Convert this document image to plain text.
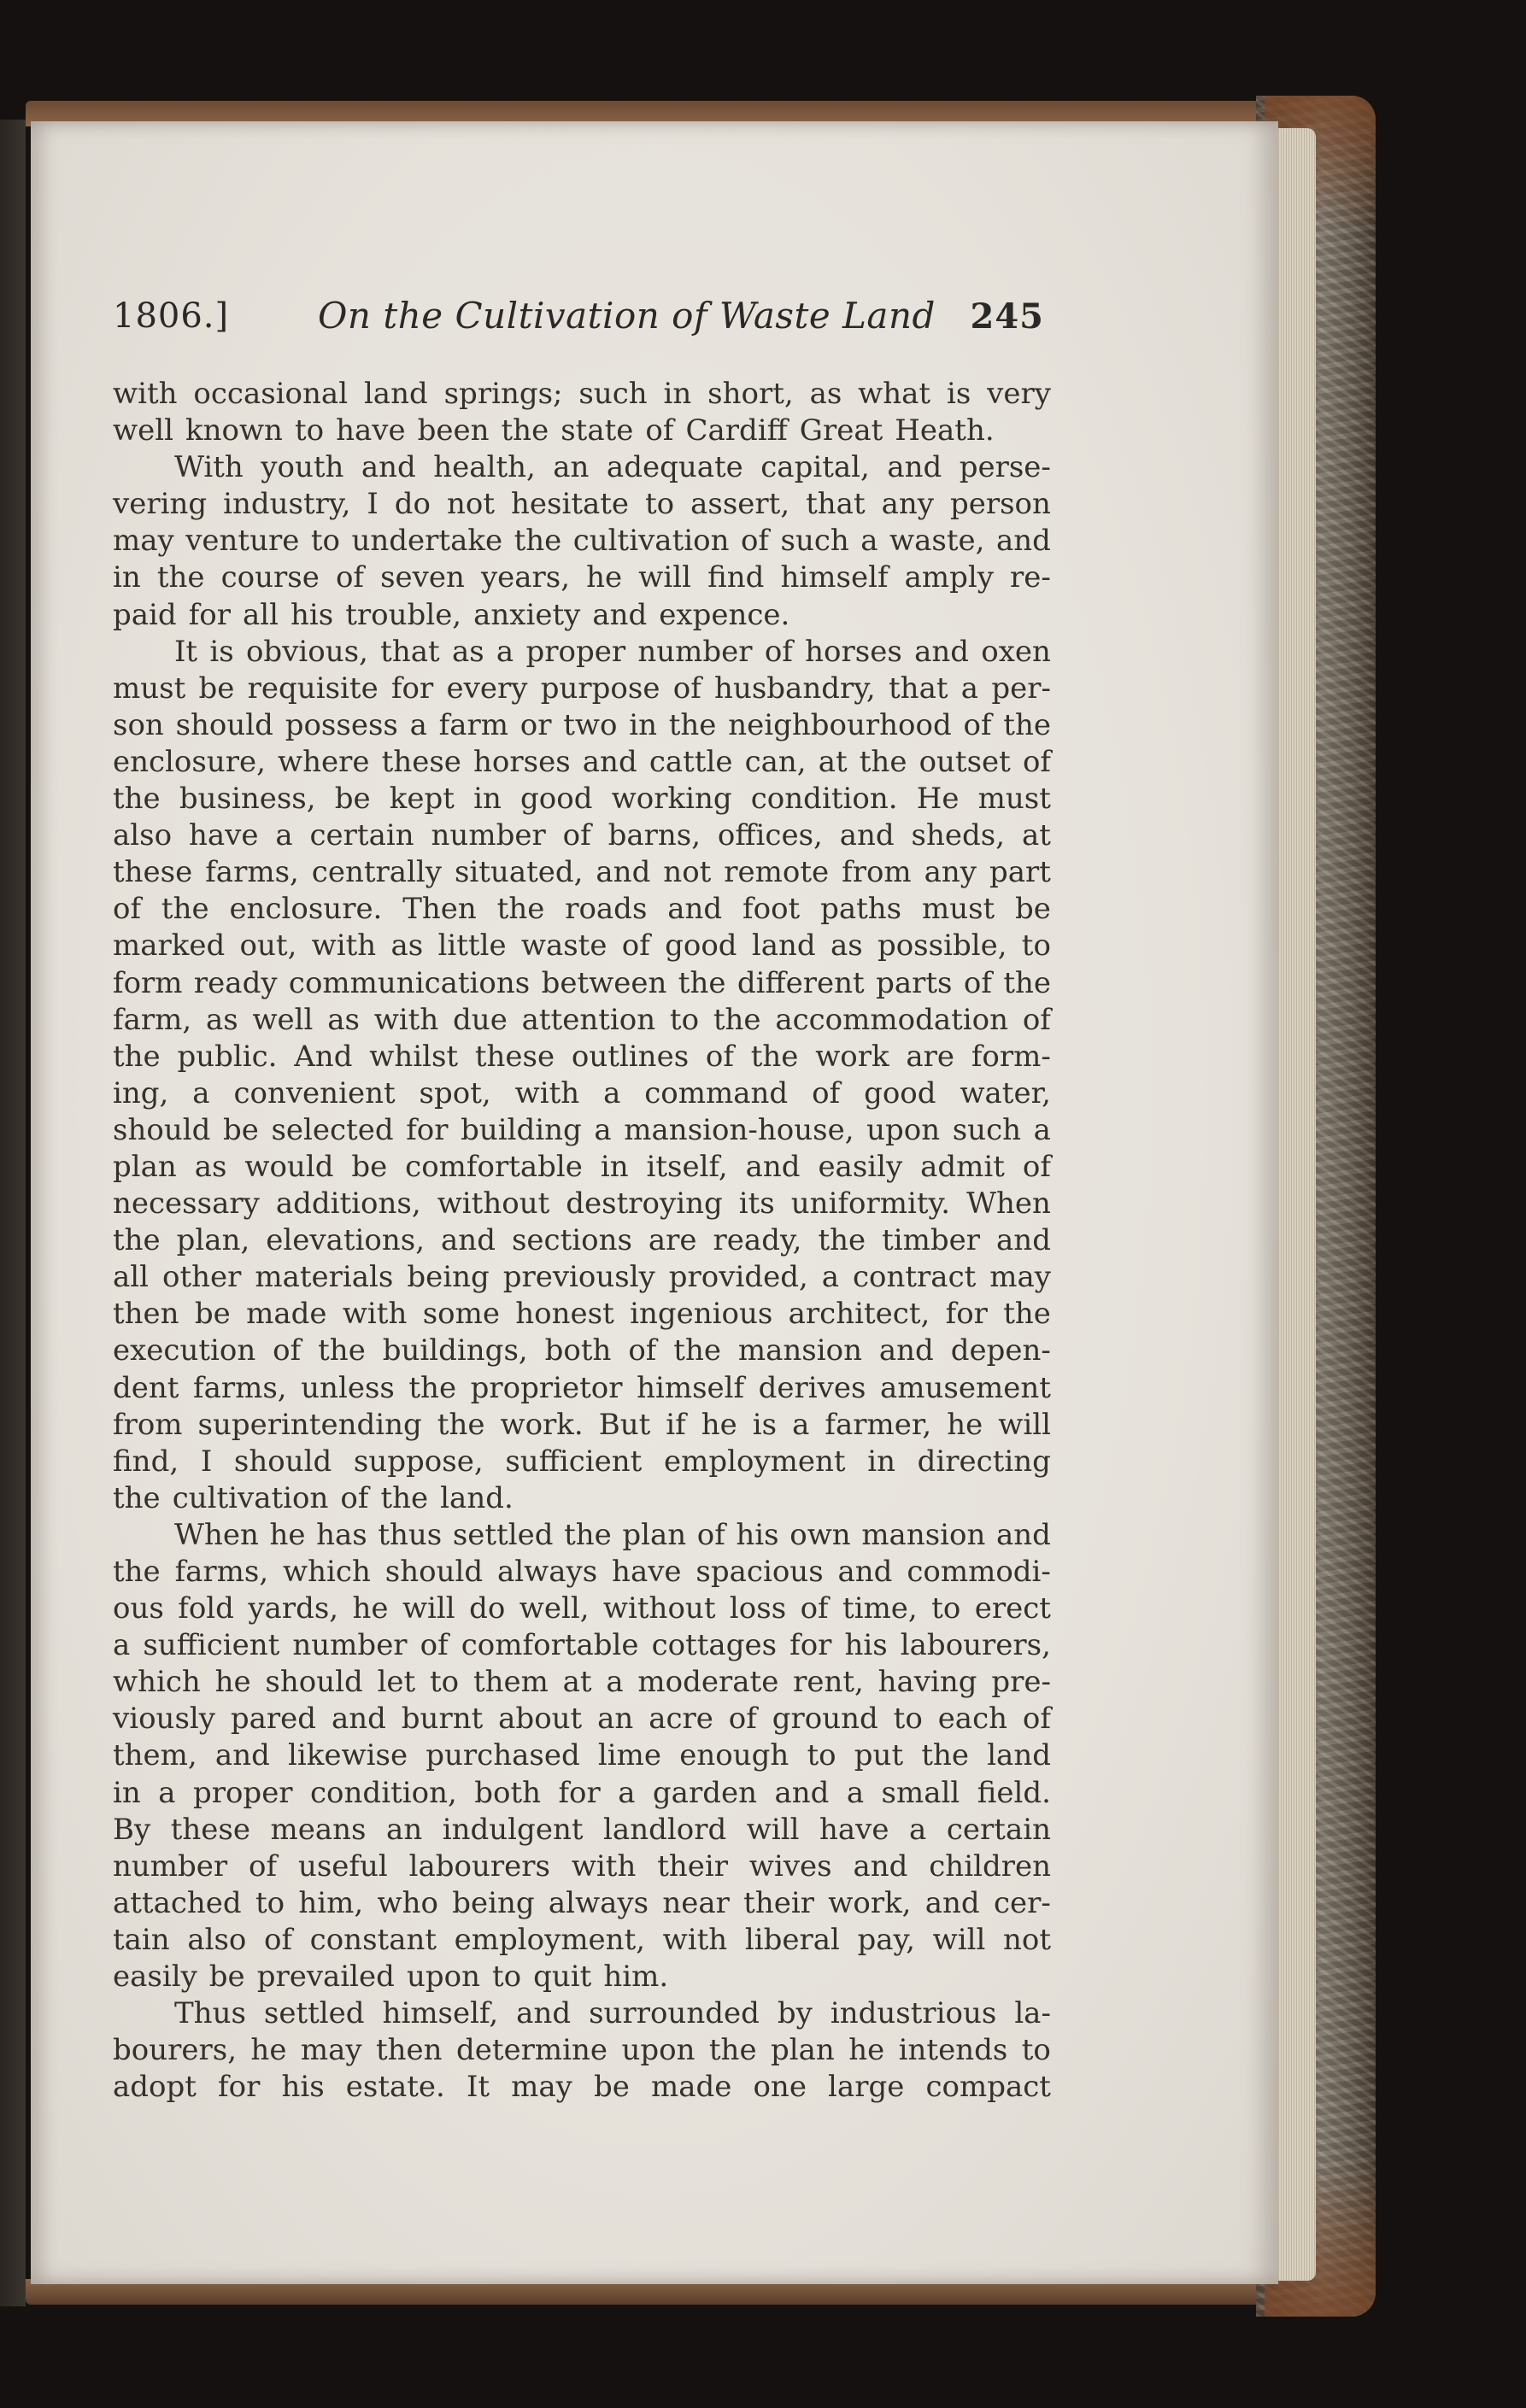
1806.] On the Cultivation of Waste Land 245
with occasional land springs; such in short, as what is very
well known to have been the state of Cardiff Great Heath.
With youth and health, an adequate capital, and perse-
vering industry, I do not hesitate to assert, that any person
may venture to undertake the cultivation of such a waste, and
in the course of seven years, he will find himself amply re-
paid for all his trouble, anxiety and expence.
It is obvious, that as a proper number of horses and oxen
must be requisite for every purpose of husbandry, that a per-
son should possess a farm or two in the neighbourhood of the
enclosure, where these horses and cattle can, at the outset of
the business, be kept in good working condition. He must
also have a certain number of barns, offices, and sheds, at
these farms, centrally situated, and not remote from any part
of the enclosure. Then the roads and foot paths must be
marked out, with as little waste of good land as possible, to
form ready communications between the different parts of the
farm, as well as with due attention to the accommodation of
the public. And whilst these outlines of the work are form-
ing, a convenient spot, with a command of good water,
should be selected for building a mansion-house, upon such a
plan as would be comfortable in itself, and easily admit of
necessary additions, without destroying its uniformity. When
the plan, elevations, and sections are ready, the timber and
all other materials being previously provided, a contract may
then be made with some honest ingenious architect, for the
execution of the buildings, both of the mansion and depen-
dent farms, unless the proprietor himself derives amusement
from superintending the work. But if he is a farmer, he will
find, I should suppose, sufficient employment in directing
the cultivation of the land.
When he has thus settled the plan of his own mansion and
the farms, which should always have spacious and commodi-
ous fold yards, he will do well, without loss of time, to erect
a sufficient number of comfortable cottages for his labourers,
which he should let to them at a moderate rent, having pre-
viously pared and burnt about an acre of ground to each of
them, and likewise purchased lime enough to put the land
in a proper condition, both for a garden and a small field.
By these means an indulgent landlord will have a certain
number of useful labourers with their wives and children
attached to him, who being always near their work, and cer-
tain also of constant employment, with liberal pay, will not
easily be prevailed upon to quit him.
Thus settled himself, and surrounded by industrious la-
bourers, he may then determine upon the plan he intends to
adopt for his estate. It may be made one large compact
